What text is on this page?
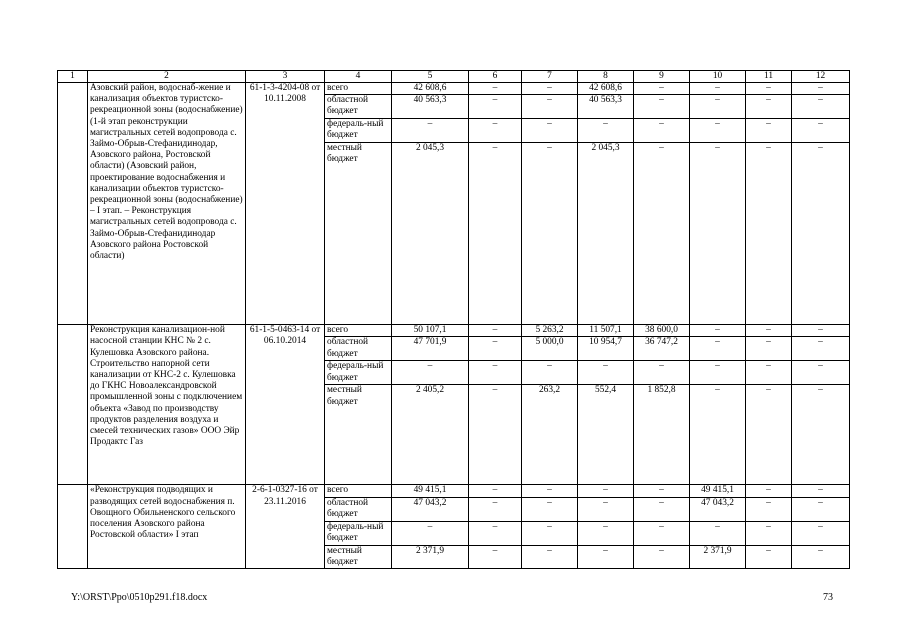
1	2	3	4	5	6	7	8	9	10	11	12
	Азовский район, водоснаб-жение и канализация объектов туристско-рекреационной зоны (водоснабжение) (1-й этап реконструкции магистральных сетей водопровода с. Займо-Обрыв-Стефанидинодар, Азовского района, Ростовской области) (Азовский район, проектирование водоснабжения и канализации объектов туристско-рекреационной зоны (водоснабжение) – I этап. – Реконструкция магистральных сетей водопровода с. Займо-Обрыв-Стефанидинодар Азовского района Ростовской области)	61-1-3-4204-08 от 10.11.2008	всего	42 608,6	–	–	42 608,6	–	–	–	–
			областной бюджет	40 563,3	–	–	40 563,3	–	–	–	–
			федераль-ный бюджет	–	–	–	–	–	–	–	–
			местный бюджет	2 045,3	–	–	2 045,3	–	–	–	–
	Реконструкция канализацион-ной насосной станции КНС № 2 с. Кулешовка Азовского района. Строительство напорной сети канализации от КНС-2 с. Кулешовка до ГКНС Новоалександровской промышленной зоны с подключением объекта «Завод по производству продуктов разделения воздуха и смесей технических газов» ООО Эйр Продактс Газ	61-1-5-0463-14 от 06.10.2014	всего	50 107,1	–	5 263,2	11 507,1	38 600,0	–	–	–
			областной бюджет	47 701,9	–	5 000,0	10 954,7	36 747,2	–	–	–
			федераль-ный бюджет	–	–	–	–	–	–	–	–
			местный бюджет	2 405,2	–	263,2	552,4	1 852,8	–	–	–
	«Реконструкция подводящих и разводящих сетей водоснабжения п. Овощного Обильненского сельского поселения Азовского района Ростовской области» I этап	2-6-1-0327-16 от 23.11.2016	всего	49 415,1	–	–	–	–	49 415,1	–	–
			областной бюджет	47 043,2	–	–	–	–	47 043,2	–	–
			федераль-ный бюджет	–	–	–	–	–	–	–	–
			местный бюджет	2 371,9	–	–	–	–	2 371,9	–	–
Y:\ORST\Ppo\0510p291.f18.docx	73
